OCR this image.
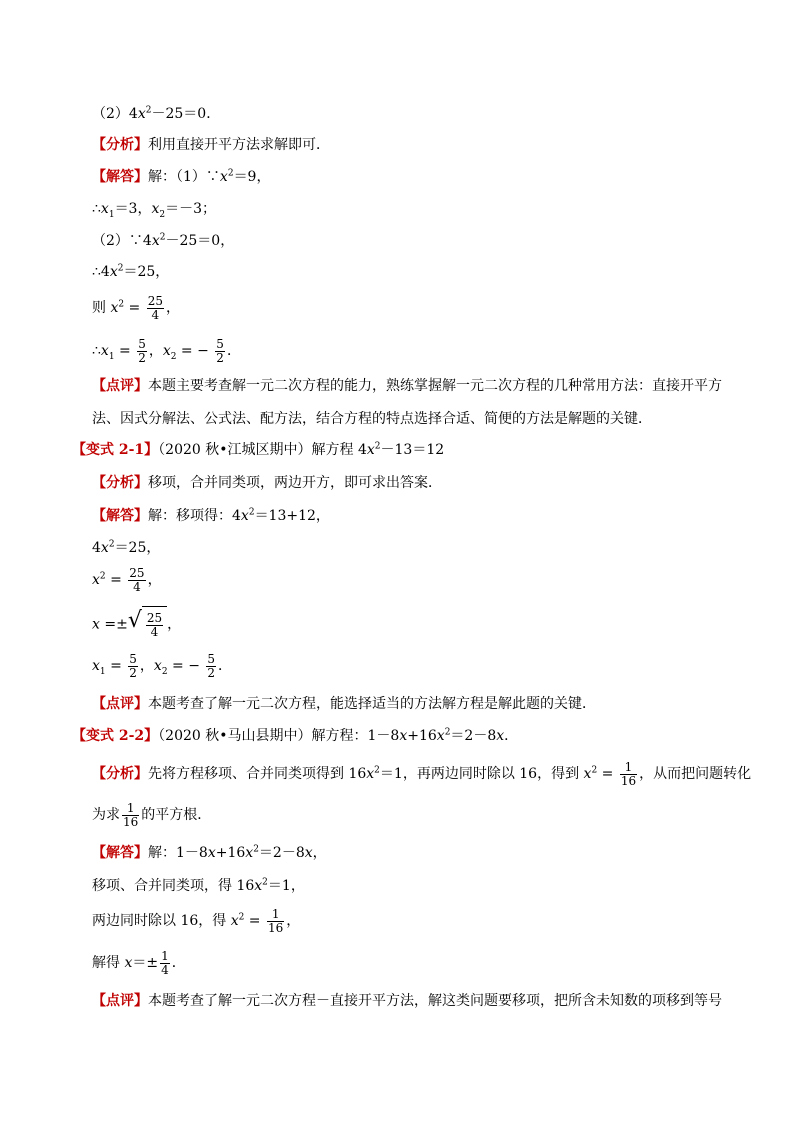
$(2)4x^2-25=0$．
【分析】利用直接开平方法求解即可．
【解答】解：$(1)\because x^2=9$，
$\therefore x_1=3$，$x_2=-3$；
$(2)\because 4x^2-25=0$，
$\therefore 4x^2=25$，
则 $x^2 = \frac{25}{4}$ ，
$\therefore x_1 = \frac{5}{2}$ ，$x_2$ = − $\frac{5}{2}$ ．
【点评】本题主要考查解一元二次方程的能力，熟练掌握解一元二次方程的几种常用方法：直接开平方
法、因式分解法、公式法、配方法，结合方程的特点选择合适、简便的方法是解题的关键．
【变式 2-1】（2020 秋•江城区期中）解方程 $4x^2-13=12$
【分析】移项，合并同类项，两边开方，即可求出答案．
【解答】解：移项得：$4x^2=13+12$，
$4x^2=25$，
$x^2 = \frac{25}{4}$ ，
x =± √ $\frac{25}{4}$ ，
$x_1 = \frac{5}{2}$ ，$x_2$ = − $\frac{5}{2}$ ．
【点评】本题考查了解一元二次方程，能选择适当的方法解方程是解此题的关键．
【变式 2-2】（2020 秋•马山县期中）解方程：$1-8x+16x^2=2-8x$．
【分析】先将方程移项、合并同类项得到 $16x^2=1$，再两边同时除以 16，得到 $x^2 = \frac{1}{16}$ ，从而把问题转化
为求 $\frac{1}{16}$ 的平方根．
【解答】解：$1-8x+16x^2=2-8x$，
移项、合并同类项，得 $16x^2=1$，
两边同时除以 16，得 $x^2 = \frac{1}{16}$ ，
解得 $x=\pm \frac{1}{4}$ ．
【点评】本题考查了解一元二次方程－直接开平方法，解这类问题要移项，把所含未知数的项移到等号
